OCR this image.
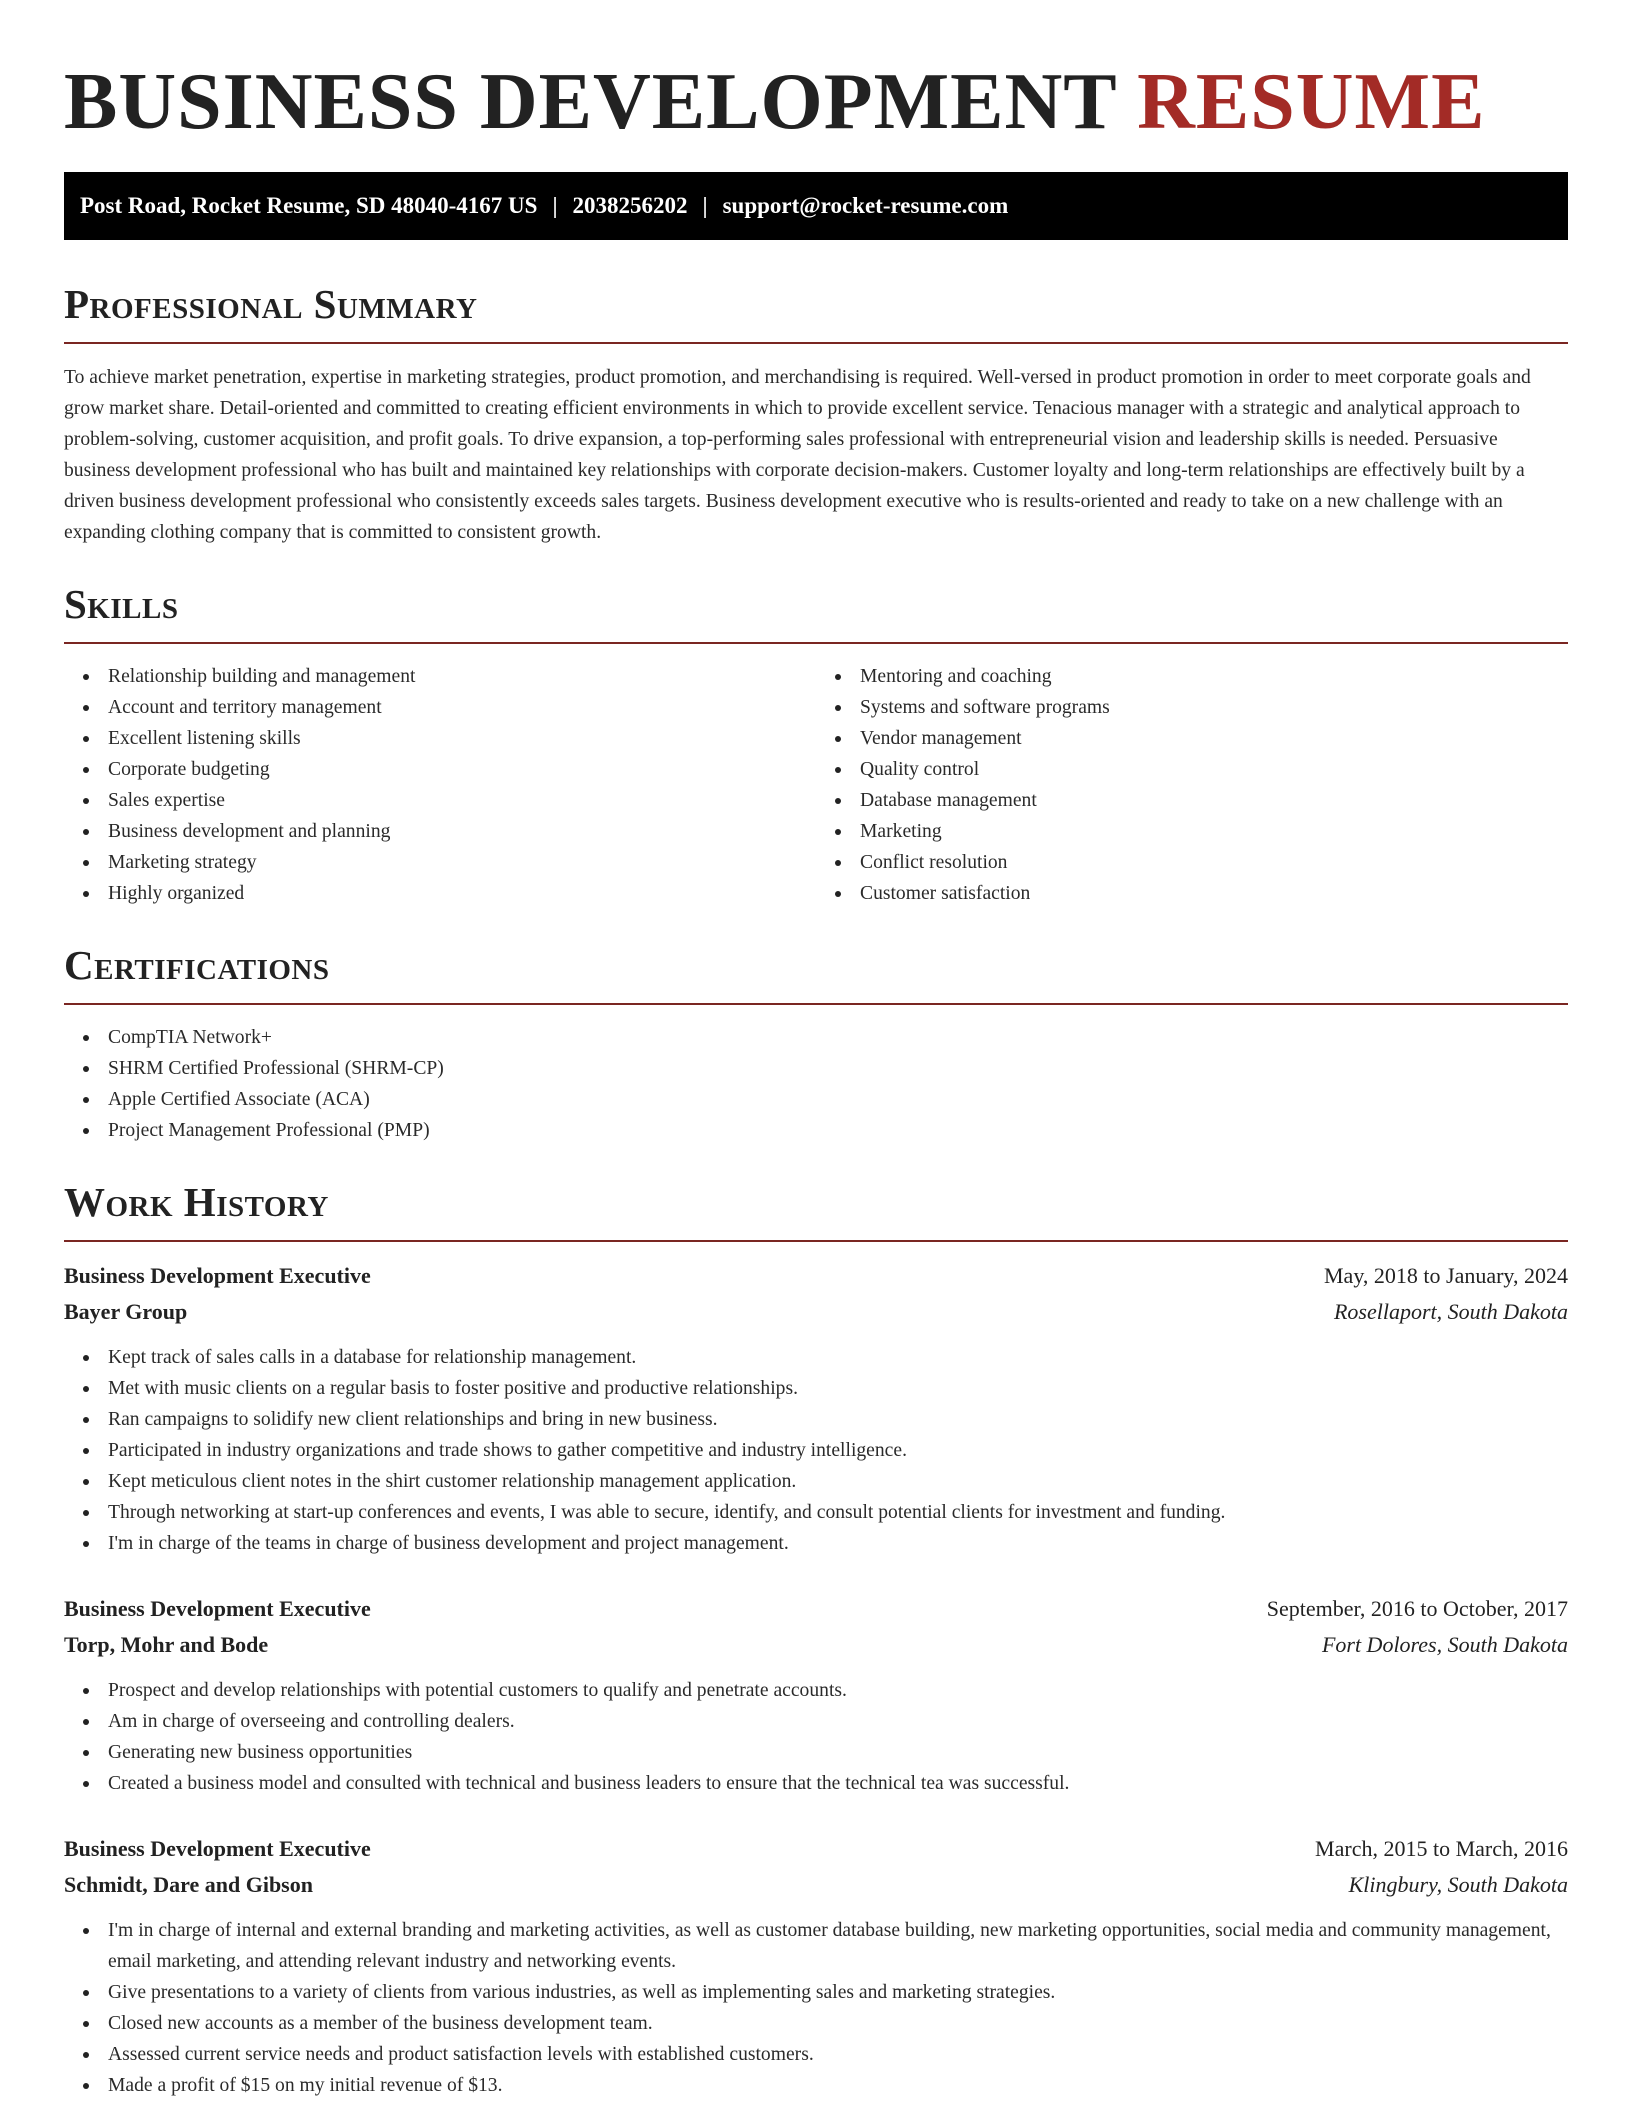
BUSINESS DEVELOPMENT RESUME
Post Road, Rocket Resume, SD 48040-4167 US | 2038256202 | support@rocket-resume.com
Professional Summary

To achieve market penetration, expertise in marketing strategies, product promotion, and merchandising is required. Well-versed in product promotion in order to meet corporate goals and grow market share. Detail-oriented and committed to creating efficient environments in which to provide excellent service. Tenacious manager with a strategic and analytical approach to problem-solving, customer acquisition, and profit goals. To drive expansion, a top-performing sales professional with entrepreneurial vision and leadership skills is needed. Persuasive business development professional who has built and maintained key relationships with corporate decision-makers. Customer loyalty and long-term relationships are effectively built by a driven business development professional who consistently exceeds sales targets. Business development executive who is results-oriented and ready to take on a new challenge with an expanding clothing company that is committed to consistent growth.

Skills
Relationship building and management
Account and territory management
Excellent listening skills
Corporate budgeting
Sales expertise
Business development and planning
Marketing strategy
Highly organized
Mentoring and coaching
Systems and software programs
Vendor management
Quality control
Database management
Marketing
Conflict resolution
Customer satisfaction
Certifications
CompTIA Network+
SHRM Certified Professional (SHRM-CP)
Apple Certified Associate (ACA)
Project Management Professional (PMP)
Work History
Business Development Executive	May, 2018 to January, 2024
Bayer Group	Rosellaport, South Dakota
Kept track of sales calls in a database for relationship management.
Met with music clients on a regular basis to foster positive and productive relationships.
Ran campaigns to solidify new client relationships and bring in new business.
Participated in industry organizations and trade shows to gather competitive and industry intelligence.
Kept meticulous client notes in the shirt customer relationship management application.
Through networking at start-up conferences and events, I was able to secure, identify, and consult potential clients for investment and funding.
I'm in charge of the teams in charge of business development and project management.
Business Development Executive	September, 2016 to October, 2017
Torp, Mohr and Bode	Fort Dolores, South Dakota
Prospect and develop relationships with potential customers to qualify and penetrate accounts.
Am in charge of overseeing and controlling dealers.
Generating new business opportunities
Created a business model and consulted with technical and business leaders to ensure that the technical tea was successful.
Business Development Executive	March, 2015 to March, 2016
Schmidt, Dare and Gibson	Klingbury, South Dakota
I'm in charge of internal and external branding and marketing activities, as well as customer database building, new marketing opportunities, social media and community management, email marketing, and attending relevant industry and networking events.
Give presentations to a variety of clients from various industries, as well as implementing sales and marketing strategies.
Closed new accounts as a member of the business development team.
Assessed current service needs and product satisfaction levels with established customers.
Made a profit of $15 on my initial revenue of $13.
